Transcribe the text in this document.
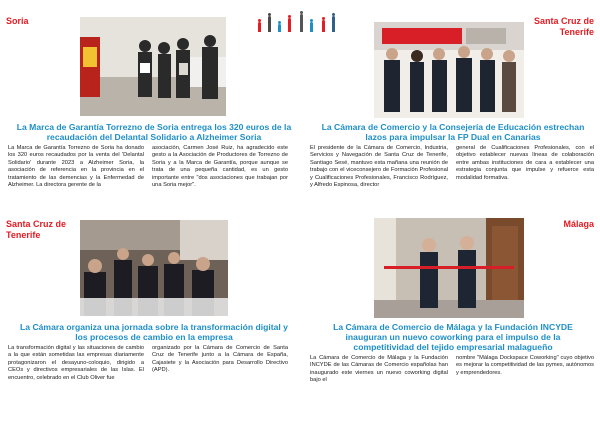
Soria
La Marca de Garantía Torrezno de Soria entrega los 320 euros de la recaudación del Delantal Solidario a Alzheimer Soria
La Marca de Garantía Torrezno de Soria ha donado los 320 euros recaudados por la venta del 'Delantal Solidario' durante 2023 a Alzheimer Soria, la asociación de referencia en la provincia en el tratamiento de las demencias y la Enfermedad de Alzheimer. La directora gerente de la
asociación, Carmen José Ruiz, ha agradecido este gesto a la Asociación de Productores de Torrezno de Soria y a la Marca de Garantía, porque aunque se trata de una pequeña cantidad, es un gesto importante entre "dos asociaciones que trabajan por una Soria mejor".
Santa Cruz de Tenerife
La Cámara de Comercio y la Consejería de Educación estrechan lazos para impulsar la FP Dual en Canarias
El presidente de la Cámara de Comercio, Industria, Servicios y Navegación de Santa Cruz de Tenerife, Santiago Sesé, mantuvo esta mañana una reunión de trabajo con el viceconsejero de Formación Profesional y Cualificaciones Profesionales, Francisco Rodríguez, y Alfredo Espinosa, director
general de Cualificaciones Profesionales, con el objetivo establecer nuevas líneas de colaboración entre ambas instituciones de cara a establecer una estrategia conjunta que impulse y refuerce esta modalidad formativa.
Santa Cruz de Tenerife
La Cámara organiza una jornada sobre la transformación digital y los procesos de cambio en la empresa
La transformación digital y las situaciones de cambio a la que están sometidas las empresas diariamente protagonizaron el desayuno-coloquio, dirigido a CEOs y directivos empresariales de las Islas. El encuentro, celebrado en el Club Oliver fue
organizado por la Cámara de Comercio de Santa Cruz de Tenerife junto a la Cámara de España, Cajasiete y la Asociación para Desarrollo Directivo (APD).
Málaga
La Cámara de Comercio de Málaga y la Fundación INCYDE inauguran un nuevo coworking para el impulso de la competitividad del tejido empresarial malagueño
La Cámara de Comercio de Málaga y la Fundación INCYDE de las Cámaras de Comercio españolas han inaugurado este viernes un nuevo coworking digital bajo el
nombre "Málaga Dockspace Coworking" cuyo objetivo es mejorar la competitividad de las pymes, autónomos y emprendedores.
